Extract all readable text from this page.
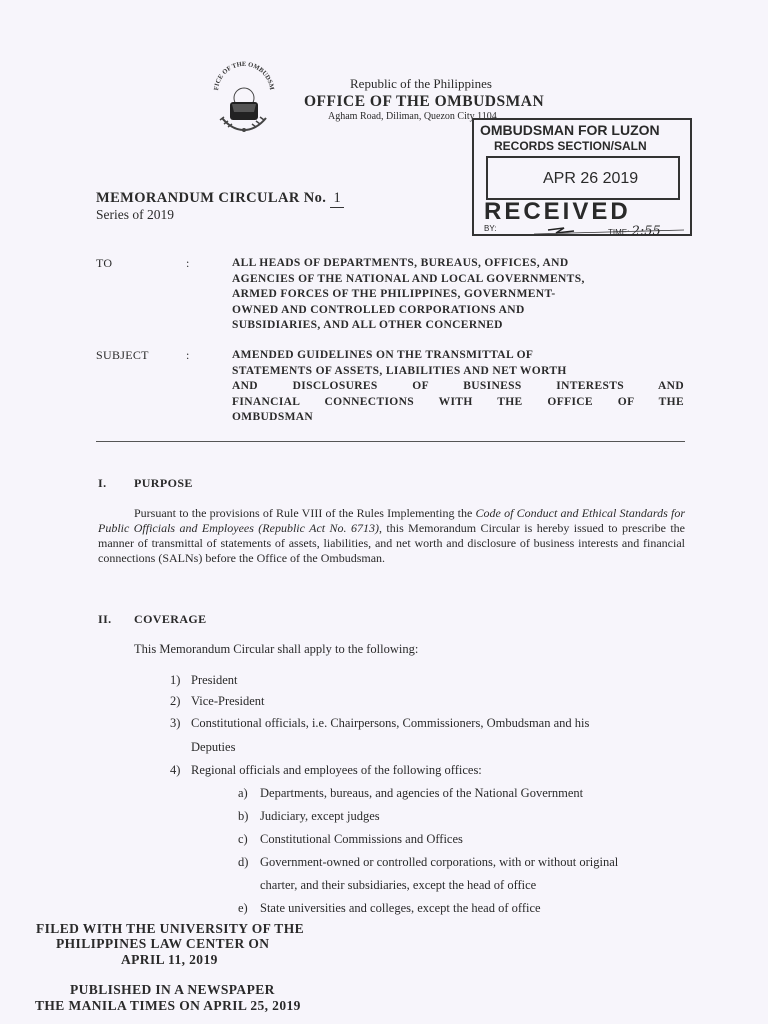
FICE OF THE OMBUDSM	Republic of the Philippines
OFFICE OF THE OMBUDSMAN
Agham Road, Diliman, Quezon City 1104
OMBUDSMAN FOR LUZON
RECORDS SECTION/SALN
APR 26 2019
RECEIVED
BY:	TIME: 2:55
MEMORANDUM CIRCULAR No. 1
Series of 2019
TO	:	ALL HEADS OF DEPARTMENTS, BUREAUS, OFFICES, AND
AGENCIES OF THE NATIONAL AND LOCAL GOVERNMENTS,
ARMED FORCES OF THE PHILIPPINES, GOVERNMENT-
OWNED AND CONTROLLED CORPORATIONS AND
SUBSIDIARIES, AND ALL OTHER CONCERNED
SUBJECT	:	AMENDED GUIDELINES ON THE TRANSMITTAL OF
STATEMENTS OF ASSETS, LIABILITIES AND NET WORTH
AND DISCLOSURES OF BUSINESS INTERESTS AND
FINANCIAL CONNECTIONS WITH THE OFFICE OF THE
OMBUDSMAN
I. PURPOSE
Pursuant to the provisions of Rule VIII of the Rules Implementing the Code of Conduct and Ethical Standards for Public Officials and Employees (Republic Act No. 6713), this Memorandum Circular is hereby issued to prescribe the manner of transmittal of statements of assets, liabilities, and net worth and disclosure of business interests and financial connections (SALNs) before the Office of the Ombudsman.
II. COVERAGE
This Memorandum Circular shall apply to the following:
1) President
2) Vice-President
3) Constitutional officials, i.e. Chairpersons, Commissioners, Ombudsman and his
Deputies
4) Regional officials and employees of the following offices:
a) Departments, bureaus, and agencies of the National Government
b) Judiciary, except judges
c) Constitutional Commissions and Offices
d) Government-owned or controlled corporations, with or without original
charter, and their subsidiaries, except the head of office
e) State universities and colleges, except the head of office
FILED WITH THE UNIVERSITY OF THE
PHILIPPINES LAW CENTER ON
APRIL 11, 2019
PUBLISHED IN A NEWSPAPER
THE MANILA TIMES ON APRIL 25, 2019
